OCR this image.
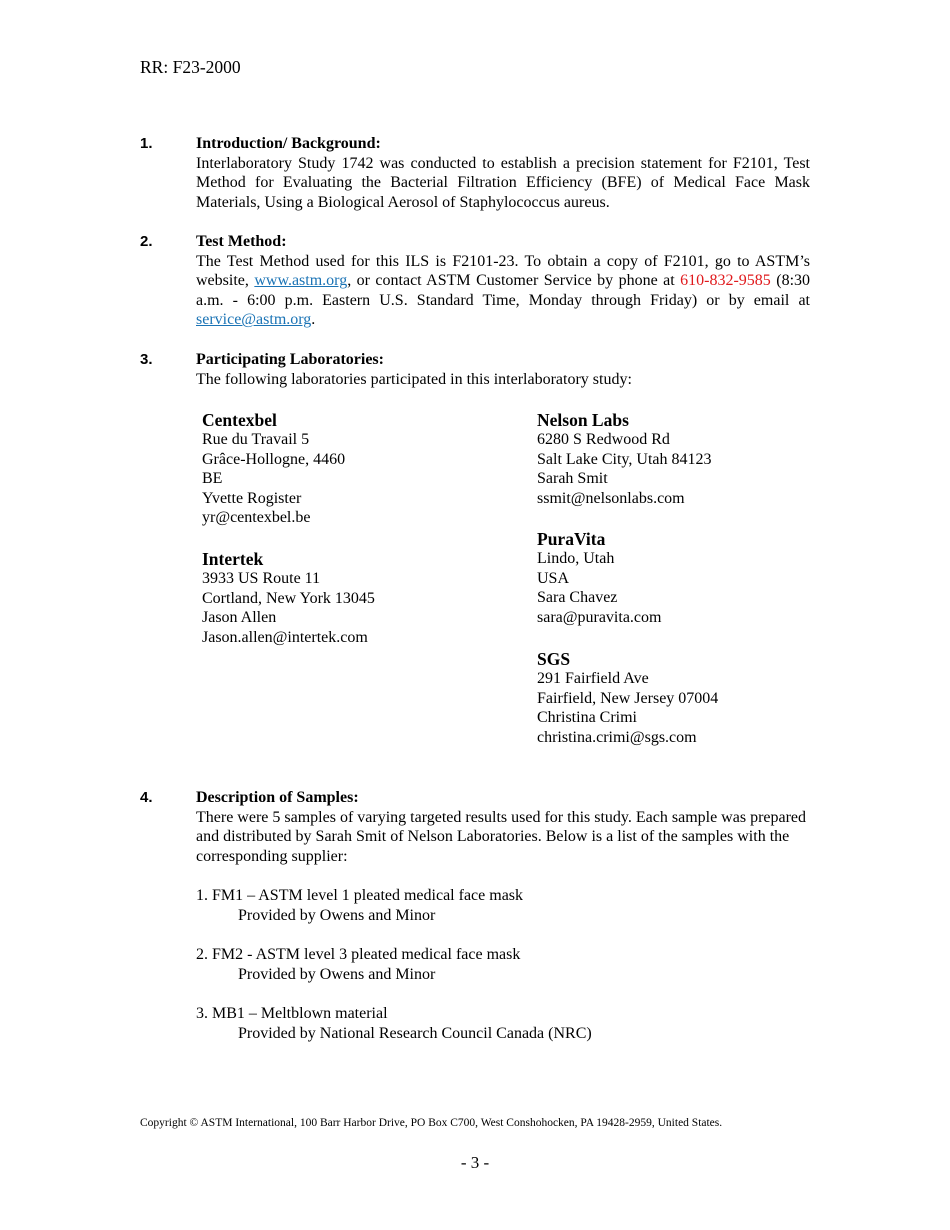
RR: F23-2000
1.	Introduction/ Background:
Interlaboratory Study 1742 was conducted to establish a precision statement for F2101, Test Method for Evaluating the Bacterial Filtration Efficiency (BFE) of Medical Face Mask Materials, Using a Biological Aerosol of Staphylococcus aureus.
2.	Test Method:
The Test Method used for this ILS is F2101-23. To obtain a copy of F2101, go to ASTM’s website, www.astm.org, or contact ASTM Customer Service by phone at 610-832-9585 (8:30 a.m. - 6:00 p.m. Eastern U.S. Standard Time, Monday through Friday) or by email at service@astm.org.
3.	Participating Laboratories:
The following laboratories participated in this interlaboratory study:
Centexbel
Rue du Travail 5
Grâce-Hollogne, 4460
BE
Yvette Rogister
yr@centexbel.be
Intertek
3933 US Route 11
Cortland, New York 13045
Jason Allen
Jason.allen@intertek.com
Nelson Labs
6280 S Redwood Rd
Salt Lake City, Utah 84123
Sarah Smit
ssmit@nelsonlabs.com
PuraVita
Lindo, Utah
USA
Sara Chavez
sara@puravita.com
SGS
291 Fairfield Ave
Fairfield, New Jersey 07004
Christina Crimi
christina.crimi@sgs.com
4.	Description of Samples:
There were 5 samples of varying targeted results used for this study. Each sample was prepared and distributed by Sarah Smit of Nelson Laboratories. Below is a list of the samples with the corresponding supplier:
1. FM1 – ASTM level 1 pleated medical face mask
Provided by Owens and Minor
2. FM2 - ASTM level 3 pleated medical face mask
Provided by Owens and Minor
3. MB1 – Meltblown material
Provided by National Research Council Canada (NRC)
Copyright © ASTM International, 100 Barr Harbor Drive, PO Box C700, West Conshohocken, PA 19428-2959, United States.
- 3 -
